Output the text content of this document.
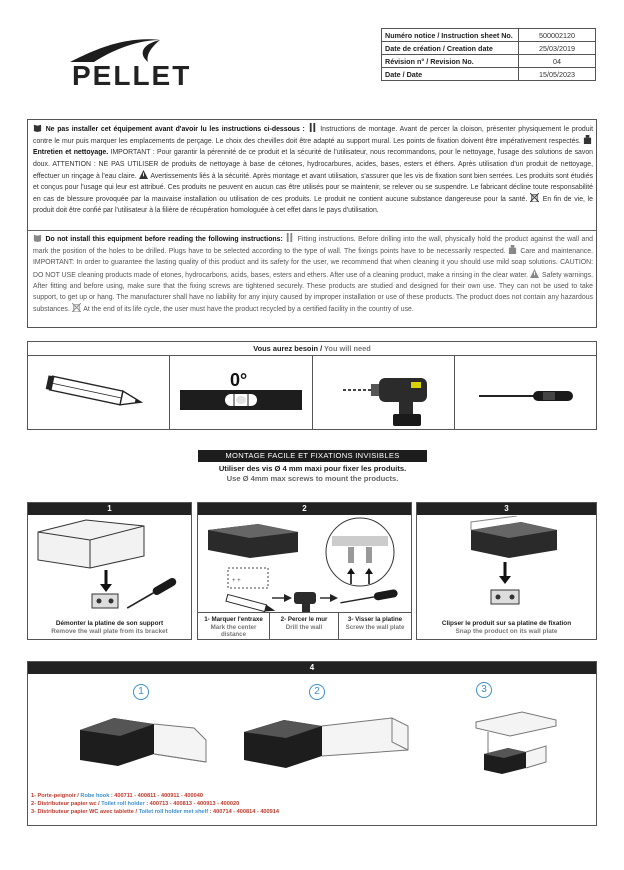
PELLET
Numéro notice / Instruction sheet No.	500002120
Date de création / Creation date	25/03/2019
Révision n° / Revision No.	04
Date / Date	15/05/2023

Ne pas installer cet équipement avant d'avoir lu les instructions ci-dessous : Instructions de montage. Avant de percer la cloison, présenter physiquement le produit contre le mur puis marquer les emplacements de perçage. Le choix des chevilles doit être adapté au support mural. Les points de fixation doivent être impérativement respectés.  Entretien et nettoyage. IMPORTANT : Pour garantir la pérennité de ce produit et la sécurité de l'utilisateur, nous recommandons, pour le nettoyage, l'usage des solutions de savon doux. ATTENTION : NE PAS UTILISER de produits de nettoyage à base de cétones, hydrocarbures, acides, bases, esters et éthers. Après utilisation d'un produit de nettoyage, effectuer un rinçage à l'eau claire. Avertissements liés à la sécurité. Après montage et avant utilisation, s'assurer que les vis de fixation sont bien serrées. Les produits sont étudiés et conçus pour l'usage qui leur est attribué. Ces produits ne peuvent en aucun cas être utilisés pour se maintenir, se relever ou se suspendre. Le fabricant décline toute responsabilité en cas de blessure provoquée par la mauvaise installation ou utilisation de ces produits. Le produit ne contient aucune substance dangereuse pour la santé. En fin de vie, le produit doit être confié par l'utilisateur à la filière de récupération homologuée à cet effet dans le pays d'utilisation.

Do not install this equipment before reading the following instructions: Fitting instructions. Before drilling into the wall, physically hold the product against the wall and mark the position of the holes to be drilled. Plugs have to be selected according to the type of wall. The fixings points have to be necessarily respected. Care and maintenance. IMPORTANT: In order to guarantee the lasting quality of this product and its safety for the user, we recommend that when cleaning it you should use mild soap solutions. CAUTION: DO NOT USE cleaning products made of etones, hydrocarbons, acids, bases, esters and ethers. After use of a cleaning product, make a rinsing in the clear water. Safety warnings. After fitting and before using, make sure that the fixing screws are tightened securely. These products are studied and designed for their own use. They can not be used to take support, to get up or hang. The manufacturer shall have no liability for any injury caused by improper installation or use of these products. The product does not contain any hazardous substances. At the end of its life cycle, the user must have the product recycled by a certified facility in the country of use.

Vous aurez besoin / You will need
0°
MONTAGE FACILE ET FIXATIONS INVISIBLES
Utiliser des vis Ø 4 mm maxi pour fixer les produits.
Use Ø 4mm max screws to mount the products.
1
Démonter la platine de son support
Remove the wall plate from its bracket
2
+ +
1- Marquer l'entraxe
Mark the center distance
2- Percer le mur
Drill the wall
3- Visser la platine
Screw the wall plate
3
Clipser le produit sur sa platine de fixation
Snap the product on its wall plate
4
1	2	3
1- Porte-peignoir / Robe hook : 400711 - 400811 - 400911 - 400040
2- Distributeur papier wc / Toilet roll holder : 400713 - 400813 - 400913 - 400020
3- Distributeur papier WC avec tablette / Toilet roll holder met shelf : 400714 - 400814 - 400914
